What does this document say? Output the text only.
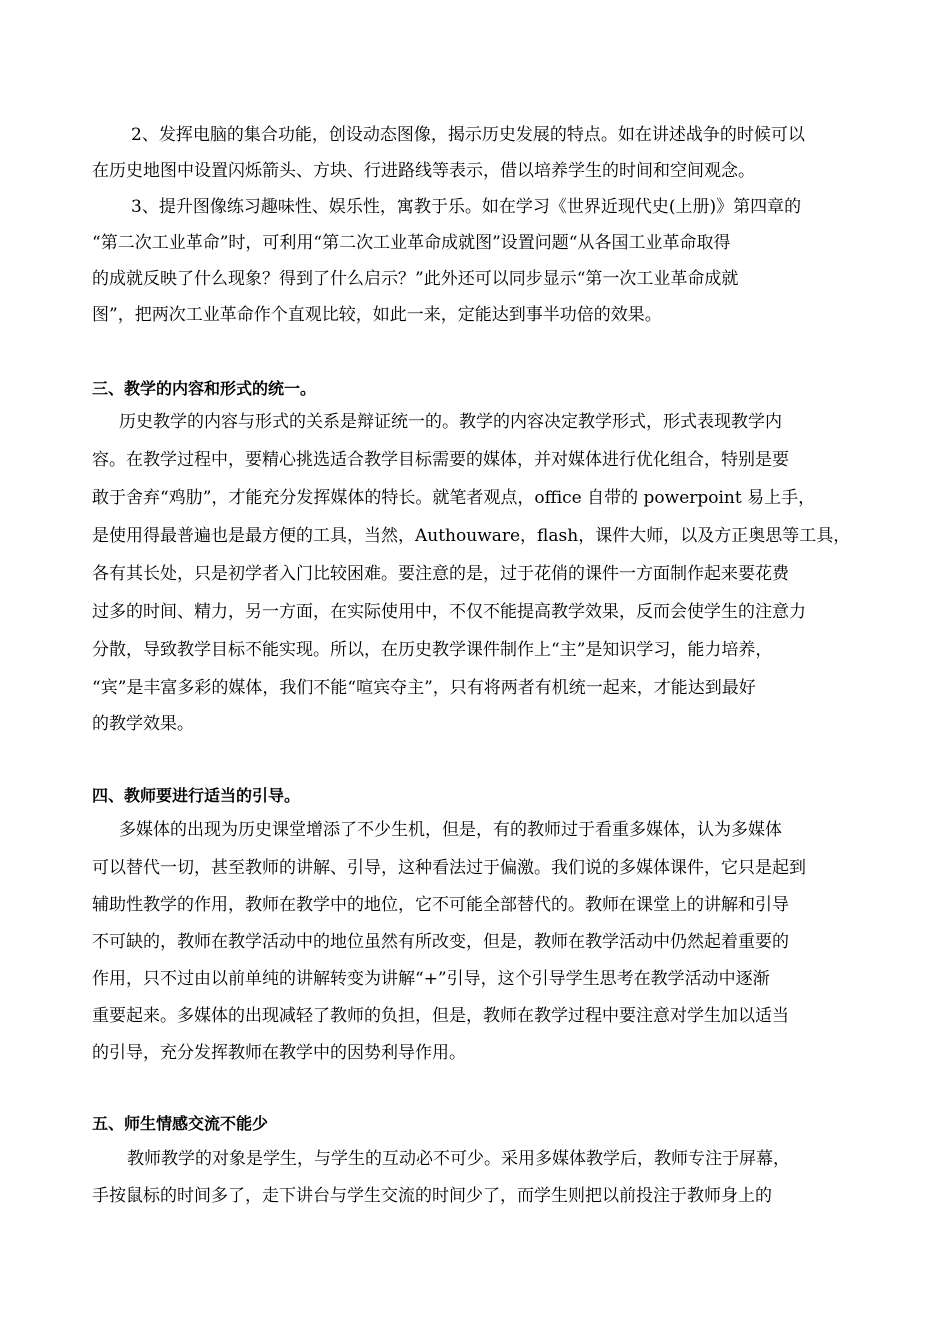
2、发挥电脑的集合功能，创设动态图像，揭示历史发展的特点。如在讲述战争的时候可以
在历史地图中设置闪烁箭头、方块、行进路线等表示，借以培养学生的时间和空间观念。
3、提升图像练习趣味性、娱乐性，寓教于乐。如在学习《世界近现代史(上册)》第四章的
“第二次工业革命”时，可利用“第二次工业革命成就图”设置问题“从各国工业革命取得
的成就反映了什么现象？得到了什么启示？”此外还可以同步显示“第一次工业革命成就
图”，把两次工业革命作个直观比较，如此一来，定能达到事半功倍的效果。
三、教学的内容和形式的统一。
历史教学的内容与形式的关系是辩证统一的。教学的内容决定教学形式，形式表现教学内
容。在教学过程中，要精心挑选适合教学目标需要的媒体，并对媒体进行优化组合，特别是要
敢于舍弃“鸡肋”，才能充分发挥媒体的特长。就笔者观点，office 自带的 powerpoint 易上手，
是使用得最普遍也是最方便的工具，当然，Authouware，flash，课件大师，以及方正奥思等工具，
各有其长处，只是初学者入门比较困难。要注意的是，过于花俏的课件一方面制作起来要花费
过多的时间、精力，另一方面，在实际使用中，不仅不能提高教学效果，反而会使学生的注意力
分散，导致教学目标不能实现。所以，在历史教学课件制作上“主”是知识学习，能力培养，
“宾”是丰富多彩的媒体，我们不能“喧宾夺主”，只有将两者有机统一起来，才能达到最好
的教学效果。
四、教师要进行适当的引导。
多媒体的出现为历史课堂增添了不少生机，但是，有的教师过于看重多媒体，认为多媒体
可以替代一切，甚至教师的讲解、引导，这种看法过于偏激。我们说的多媒体课件，它只是起到
辅助性教学的作用，教师在教学中的地位，它不可能全部替代的。教师在课堂上的讲解和引导
不可缺的，教师在教学活动中的地位虽然有所改变，但是，教师在教学活动中仍然起着重要的
作用，只不过由以前单纯的讲解转变为讲解“+”引导，这个引导学生思考在教学活动中逐渐
重要起来。多媒体的出现减轻了教师的负担，但是，教师在教学过程中要注意对学生加以适当
的引导，充分发挥教师在教学中的因势利导作用。
五、师生情感交流不能少
教师教学的对象是学生，与学生的互动必不可少。采用多媒体教学后，教师专注于屏幕，
手按鼠标的时间多了，走下讲台与学生交流的时间少了，而学生则把以前投注于教师身上的
